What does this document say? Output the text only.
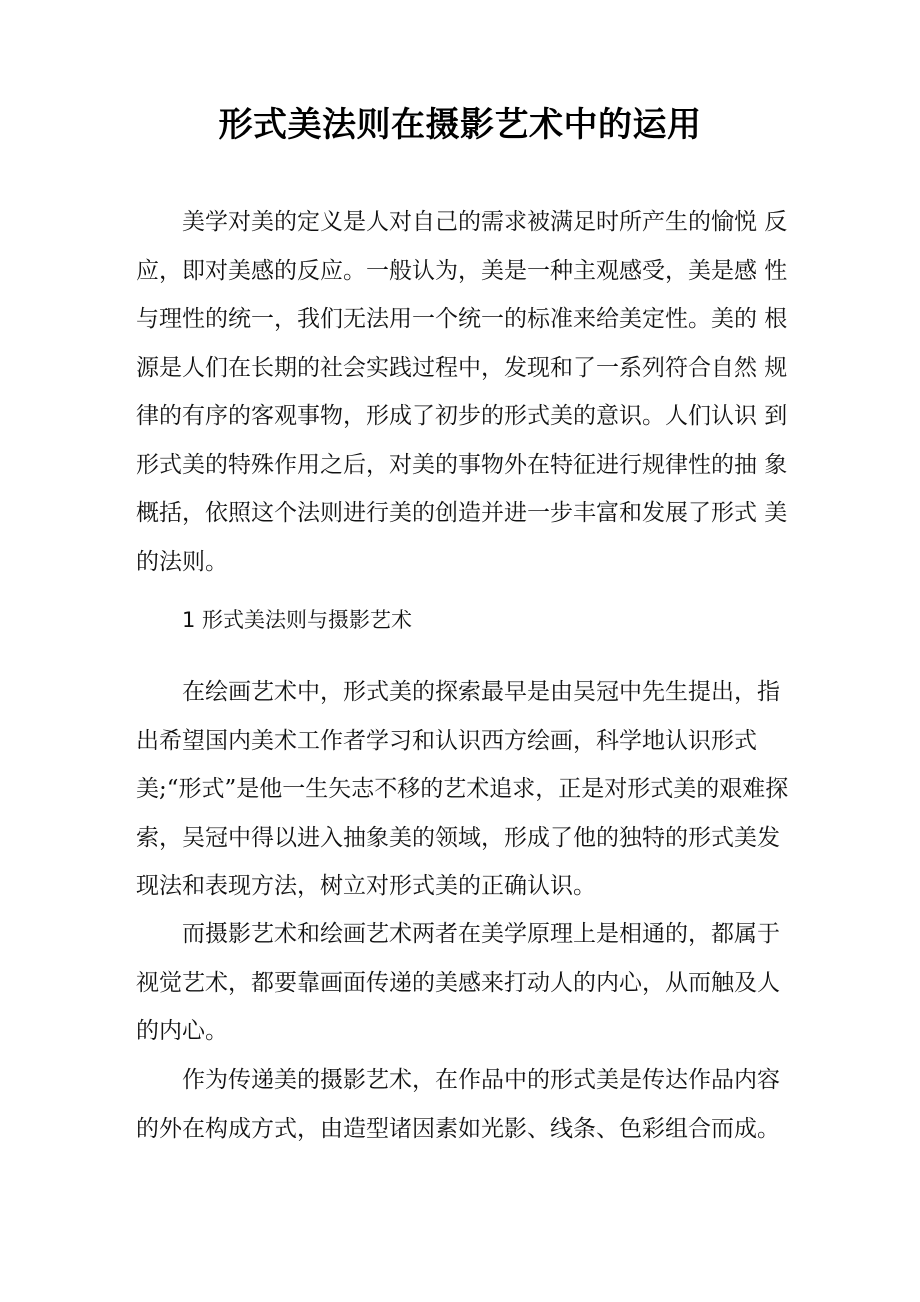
形式美法则在摄影艺术中的运用

美学对美的定义是人对自己的需求被满足时所产生的愉悦 反
应，即对美感的反应。一般认为，美是一种主观感受，美是感 性
与理性的统一，我们无法用一个统一的标准来给美定性。美的 根
源是人们在长期的社会实践过程中，发现和了一系列符合自然 规
律的有序的客观事物，形成了初步的形式美的意识。人们认识 到
形式美的特殊作用之后，对美的事物外在特征进行规律性的抽 象
概括，依照这个法则进行美的创造并进一步丰富和发展了形式 美
的法则。

1 形式美法则与摄影艺术

在绘画艺术中，形式美的探索最早是由吴冠中先生提出，指
出希望国内美术工作者学习和认识西方绘画，科学地认识形式
美;“形式”是他一生矢志不移的艺术追求，正是对形式美的艰难探
索，吴冠中得以进入抽象美的领域，形成了他的独特的形式美发
现法和表现方法，树立对形式美的正确认识。

而摄影艺术和绘画艺术两者在美学原理上是相通的，都属于
视觉艺术，都要靠画面传递的美感来打动人的内心，从而触及人
的内心。

作为传递美的摄影艺术，在作品中的形式美是传达作品内容
的外在构成方式，由造型诸因素如光影、线条、色彩组合而成。
